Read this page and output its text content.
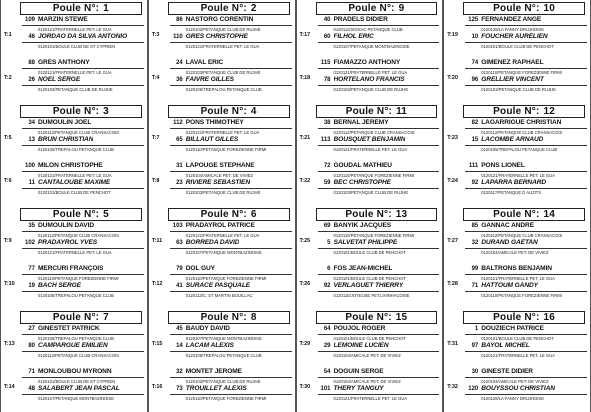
Poule N°: 1
T:1
109 MARZIN STEWE
0120121/FRATERNELLE PET. LE GUA
46 JORDAO DA SILVA ANTONIO
0120101/BOULE CLUB DE ST CYPRIEN
T:2
88 GRES ANTHONY
0120121/FRATERNELLE PET. LE GUA
26 NOEL SERGE
0120102/PETANQUE CLUB DE RUJHE
Poule N°: 2
T:3
86 NASTORG CORENTIN
0120103/PETANQUE CLUB DE RUJHE
110 GRES CHRISTOPHE
0120121/FRATERNELLE PET. LE GUA
T:4
24 LAVAL ERIC
0120103/PETANQUE CLUB DE RUJHE
36 FAIVRE GILLES
0120105/TREPALOU PETANQUE CLUB
Poule N°: 9
T:17
40 PRADELS DIDIER
0120111/SIGNAC PETANQUE CLUB
60 FILHOL ERIC
0120107/PETANQUE MONTBAZINOISE
T:18
115 FIAMAZZO ANTHONY
0120121/FRATERNELLE PET. LE GUA
78 HORTELANO FRANCIS
0120103/PETANQUE CLUB DE RUJHE
Poule N°: 10
T:19
125 FERNANDEZ ANGE
0120128/LA FANNY DRUJHOISE
10 FOUCHER AURÉLIEN
0120101/BOULE CLUB DE PENCHOT
T:20
74 GIMENEZ RAPHAEL
0120110/PETANQUE FOREZIENNE FIRMI
96 GRELLIER VINCENT
0120103/PETANQUE CLUB DE RUJHE
Poule N°: 3
T:5
34 DUMOULIN JOEL
0120112/PETANQUE CLUB CRANSACOIS
13 BRUN CHRISTIAN
0120105/TREPALOU PETANQUE CLUB
T:6
100 MILON CHRISTOPHE
0120121/FRATERNELLE PET. LE GUA
11 CANTALOUBE MAXIME
0120101/BOULE CLUB DE PENCHOT
Poule N°: 4
T:7
112 PONS THIMOTHEY
0120121/FRATERNELLE PET. LE GUA
65 BILLAUT GILLES
0120110/PETANQUE FOREZIENNE FIRMI
T:8
31 LAPOUGE STÉPHANE
0120104/AMICALE PET. DE VIVIEZ
23 RIVIERE SÉBASTIEN
0120103/PETANQUE CLUB DE RUJHE
Poule N°: 11
T:21
38 BERNAL JÉRÉMY
0120112/PETANQUE CLUB CRANSACOIS
113 BOUSQUET BENJAMIN
0120121/FRATERNELLE PET. LE GUA
T:22
72 GOUDAL MATHIEU
0120110/PETANQUE FOREZIENNE FIRMI
59 BEC CHRISTOPHE
0120103/PETANQUE CLUB DE RUJHE
Poule N°: 12
T:23
82 LAGARRIGUE CHRISTIAN
0120112/PETANQUE CLUB CRANSACOIS
15 LACOMBE ARNAUD
0120105/TREPALOU PETANQUE CLUB
T:24
111 PONS LIONEL
0120121/FRATERNELLE PET. LE GUA
92 LAPARRA BERNARD
0120117/PETANQUE D AUZITS
Poule N°: 5
T:9
35 DUMOULIN DAVID
0120112/PETANQUE CLUB CRANSACOIS
102 PRADAYROL YVES
0120121/FRATERNELLE PET. LE GUA
T:10
77 MERCURI FRANÇOIS
0120110/PETANQUE FOREZIENNE FIRMI
19 BACH SERGE
0120105/TREPALOU PETANQUE CLUB
Poule N°: 6
T:11
103 PRADAYROL PATRICE
0120121/FRATERNELLE PET. LE GUA
63 BORREDA DAVID
0120107/PETANQUE MONTBAZINOISE
T:12
79 DOL GUY
0120110/PETANQUE FOREZIENNE FIRMI
41 SURACE PASQUALE
0120113/C. ST MARTIN BOUILLAC
Poule N°: 13
T:25
69 BANYIK JACQUES
0120110/PETANQUE FOREZIENNE FIRMI
5 SALVETAT PHILIPPE
0120101/BOULE CLUB DE PENCHOT
T:26
6 FOS JEAN-MICHEL
0120101/BOULE CLUB DE PENCHOT
92 VERLAGUET THIERRY
0120110/JOYEUSE PET.LIVINHACOISE
Poule N°: 14
T:27
85 GANNAC ANDRÉ
0120112/PETANQUE CLUB CRANSACOIS
32 DURAND GAËTAN
0120104/AMICALE PET. DE VIVIEZ
T:28
99 BALTRONS BENJAMIN
0120121/FRATERNELLE PET. LE GUA
71 HATTOUM GANDY
0120110/PETANQUE FOREZIENNE FIRMI
Poule N°: 7
T:13
27 GINESTET PATRICK
0120105/TREPALOU PETANQUE CLUB
80 CAMPARGUE EMILIEN
0120112/PETANQUE CLUB CRANSACOIS
T:14
71 MONLOUBOU MYRONN
0120101/BOULE CLUB DE ST CYPRIEN
48 SALABERT JEAN PASCAL
0120107/PETANQUE MONTBAZINOISE
Poule N°: 8
T:15
45 BAUDY DAVID
0120107/PETANQUE MONTBAZINOISE
14 LACAM ALEXIS
0120105/TREPALOU PETANQUE CLUB
T:16
32 MONTET JEROME
0120103/PETANQUE CLUB DE RUJHE
73 TROUILLET ALEXIS
0120110/PETANQUE FOREZIENNE FIRMI
Poule N°: 15
T:29
64 POUJOL ROGER
0120101/BOULE CLUB DE PENCHOT
29 LEMOINE LUCIEN
0120104/AMICALE PET. DE VIVIEZ
T:30
54 DOGUIN SERGE
0120104/AMICALE PET. DE VIVIEZ
101 THERY TANGUY
0120121/FRATERNELLE PET. LE GUA
Poule N°: 16
T:31
1 DOUZIECH PATRICE
0120101/BOULE CLUB DE PENCHOT
97 BAYOL MICHEL
0120121/FRATERNELLE PET. LE GUA
T:32
30 GINESTE DIDIER
0120104/AMICALE PET. DE VIVIEZ
120 BOUYSSOU CHRISTIAN
0120128/LA FANNY DRUJHOISE
